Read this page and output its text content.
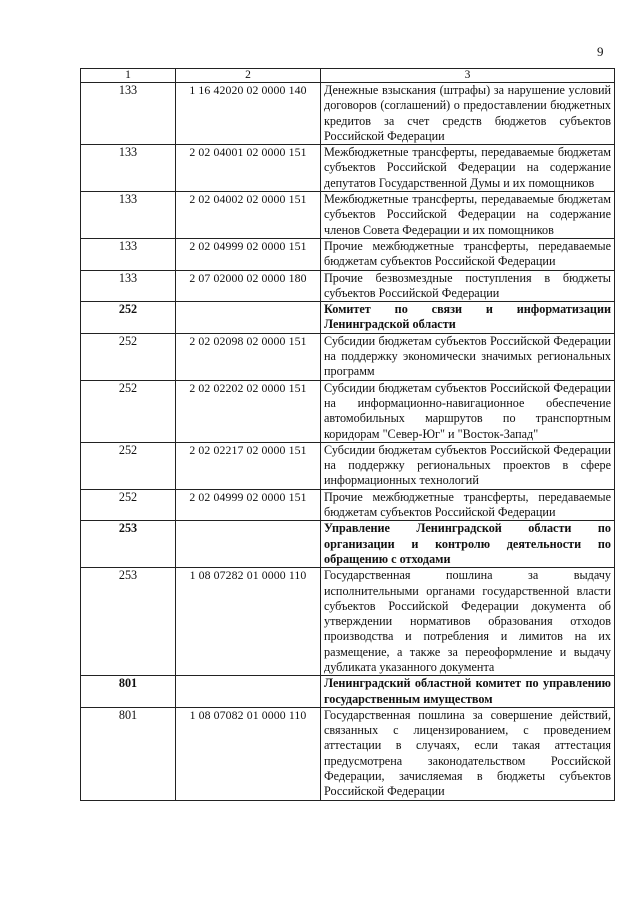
9
1	2	3
133	1 16 42020 02 0000 140	Денежные взыскания (штрафы) за нарушение условий договоров (соглашений) о предоставлении бюджетных кредитов за счет средств бюджетов субъектов Российской Федерации
133	2 02 04001 02 0000 151	Межбюджетные трансферты, передаваемые бюджетам субъектов Российской Федерации на содержание депутатов Государственной Думы и их помощников
133	2 02 04002 02 0000 151	Межбюджетные трансферты, передаваемые бюджетам субъектов Российской Федерации на содержание членов Совета Федерации и их помощников
133	2 02 04999 02 0000 151	Прочие межбюджетные трансферты, передаваемые бюджетам субъектов Российской Федерации
133	2 07 02000 02 0000 180	Прочие безвозмездные поступления в бюджеты субъектов Российской Федерации
252		Комитет по связи и информатизации Ленинградской области
252	2 02 02098 02 0000 151	Субсидии бюджетам субъектов Российской Федерации на поддержку экономически значимых региональных программ
252	2 02 02202 02 0000 151	Субсидии бюджетам субъектов Российской Федерации на информационно-навигационное обеспечение автомобильных маршрутов по транспортным коридорам "Север-Юг" и "Восток-Запад"
252	2 02 02217 02 0000 151	Субсидии бюджетам субъектов Российской Федерации на поддержку региональных проектов в сфере информационных технологий
252	2 02 04999 02 0000 151	Прочие межбюджетные трансферты, передаваемые бюджетам субъектов Российской Федерации
253		Управление Ленинградской области по организации и контролю деятельности по обращению с отходами
253	1 08 07282 01 0000 110	Государственная пошлина за выдачу исполнительными органами государственной власти субъектов Российской Федерации документа об утверждении нормативов образования отходов производства и потребления и лимитов на их размещение, а также за переоформление и выдачу дубликата указанного документа
801		Ленинградский областной комитет по управлению государственным имуществом
801	1 08 07082 01 0000 110	Государственная пошлина за совершение действий, связанных с лицензированием, с проведением аттестации в случаях, если такая аттестация предусмотрена законодательством Российской Федерации, зачисляемая в бюджеты субъектов Российской Федерации
